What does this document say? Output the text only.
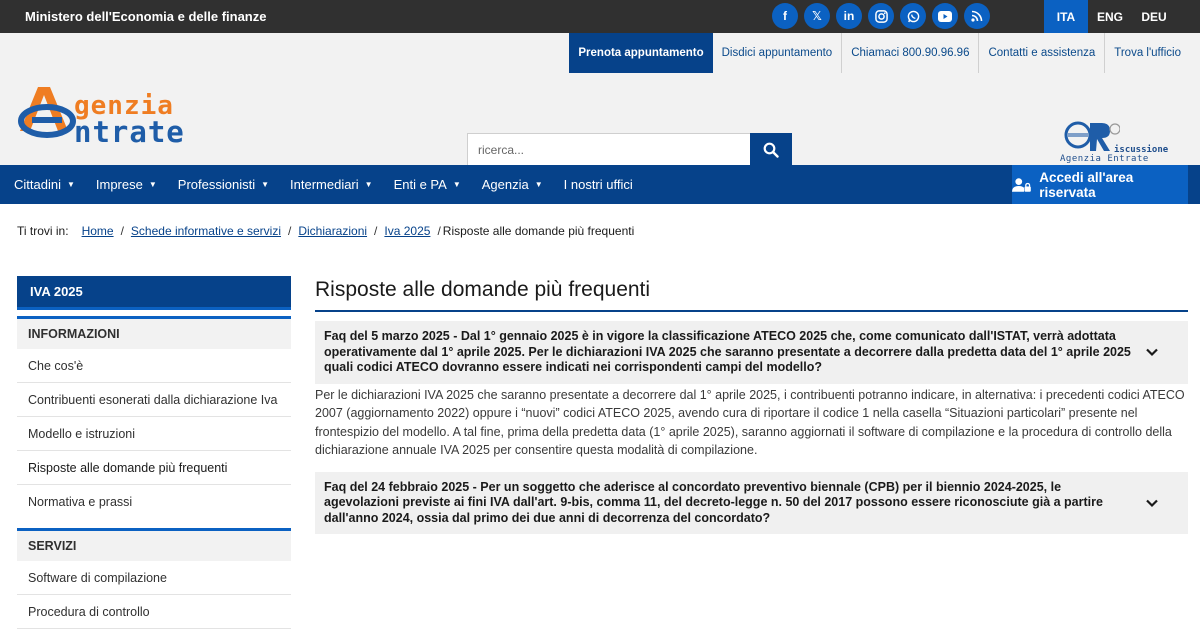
Ministero dell'Economia e delle finanze	f	𝕏	in	ITA	ENG	DEU
Prenota appuntamento	Disdici appuntamento	Chiamaci 800.90.96.96	Contatti e assistenza	Trova l'ufficio
genzia
ntrate
ricerca...
iscussione
Agenzia Entrate
Cittadini ▼ Imprese ▼ Professionisti ▼ Intermediari ▼ Enti e PA ▼ Agenzia ▼ I nostri uffici	Accedi all'area riservata
Ti trovi in: Home / Schede informative e servizi / Dichiarazioni / Iva 2025 / Risposte alle domande più frequenti
IVA 2025
INFORMAZIONI
Che cos'è
Contribuenti esonerati dalla dichiarazione Iva
Modello e istruzioni
Risposte alle domande più frequenti
Normativa e prassi
SERVIZI
Software di compilazione
Procedura di controllo
Risposte alle domande più frequenti
Faq del 5 marzo 2025 - Dal 1° gennaio 2025 è in vigore la classificazione ATECO 2025 che, come comunicato dall'ISTAT, verrà adottata operativamente dal 1° aprile 2025. Per le dichiarazioni IVA 2025 che saranno presentate a decorrere dalla predetta data del 1° aprile 2025 quali codici ATECO dovranno essere indicati nei corrispondenti campi del modello?
Per le dichiarazioni IVA 2025 che saranno presentate a decorrere dal 1° aprile 2025, i contribuenti potranno indicare, in alternativa: i precedenti codici ATECO 2007 (aggiornamento 2022) oppure i “nuovi” codici ATECO 2025, avendo cura di riportare il codice 1 nella casella “Situazioni particolari” presente nel frontespizio del modello. A tal fine, prima della predetta data (1° aprile 2025), saranno aggiornati il software di compilazione e la procedura di controllo della dichiarazione annuale IVA 2025 per consentire questa modalità di compilazione.
Faq del 24 febbraio 2025 - Per un soggetto che aderisce al concordato preventivo biennale (CPB) per il biennio 2024-2025, le agevolazioni previste ai fini IVA dall'art. 9-bis, comma 11, del decreto-legge n. 50 del 2017 possono essere riconosciute già a partire dall'anno 2024, ossia dal primo dei due anni di decorrenza del concordato?
